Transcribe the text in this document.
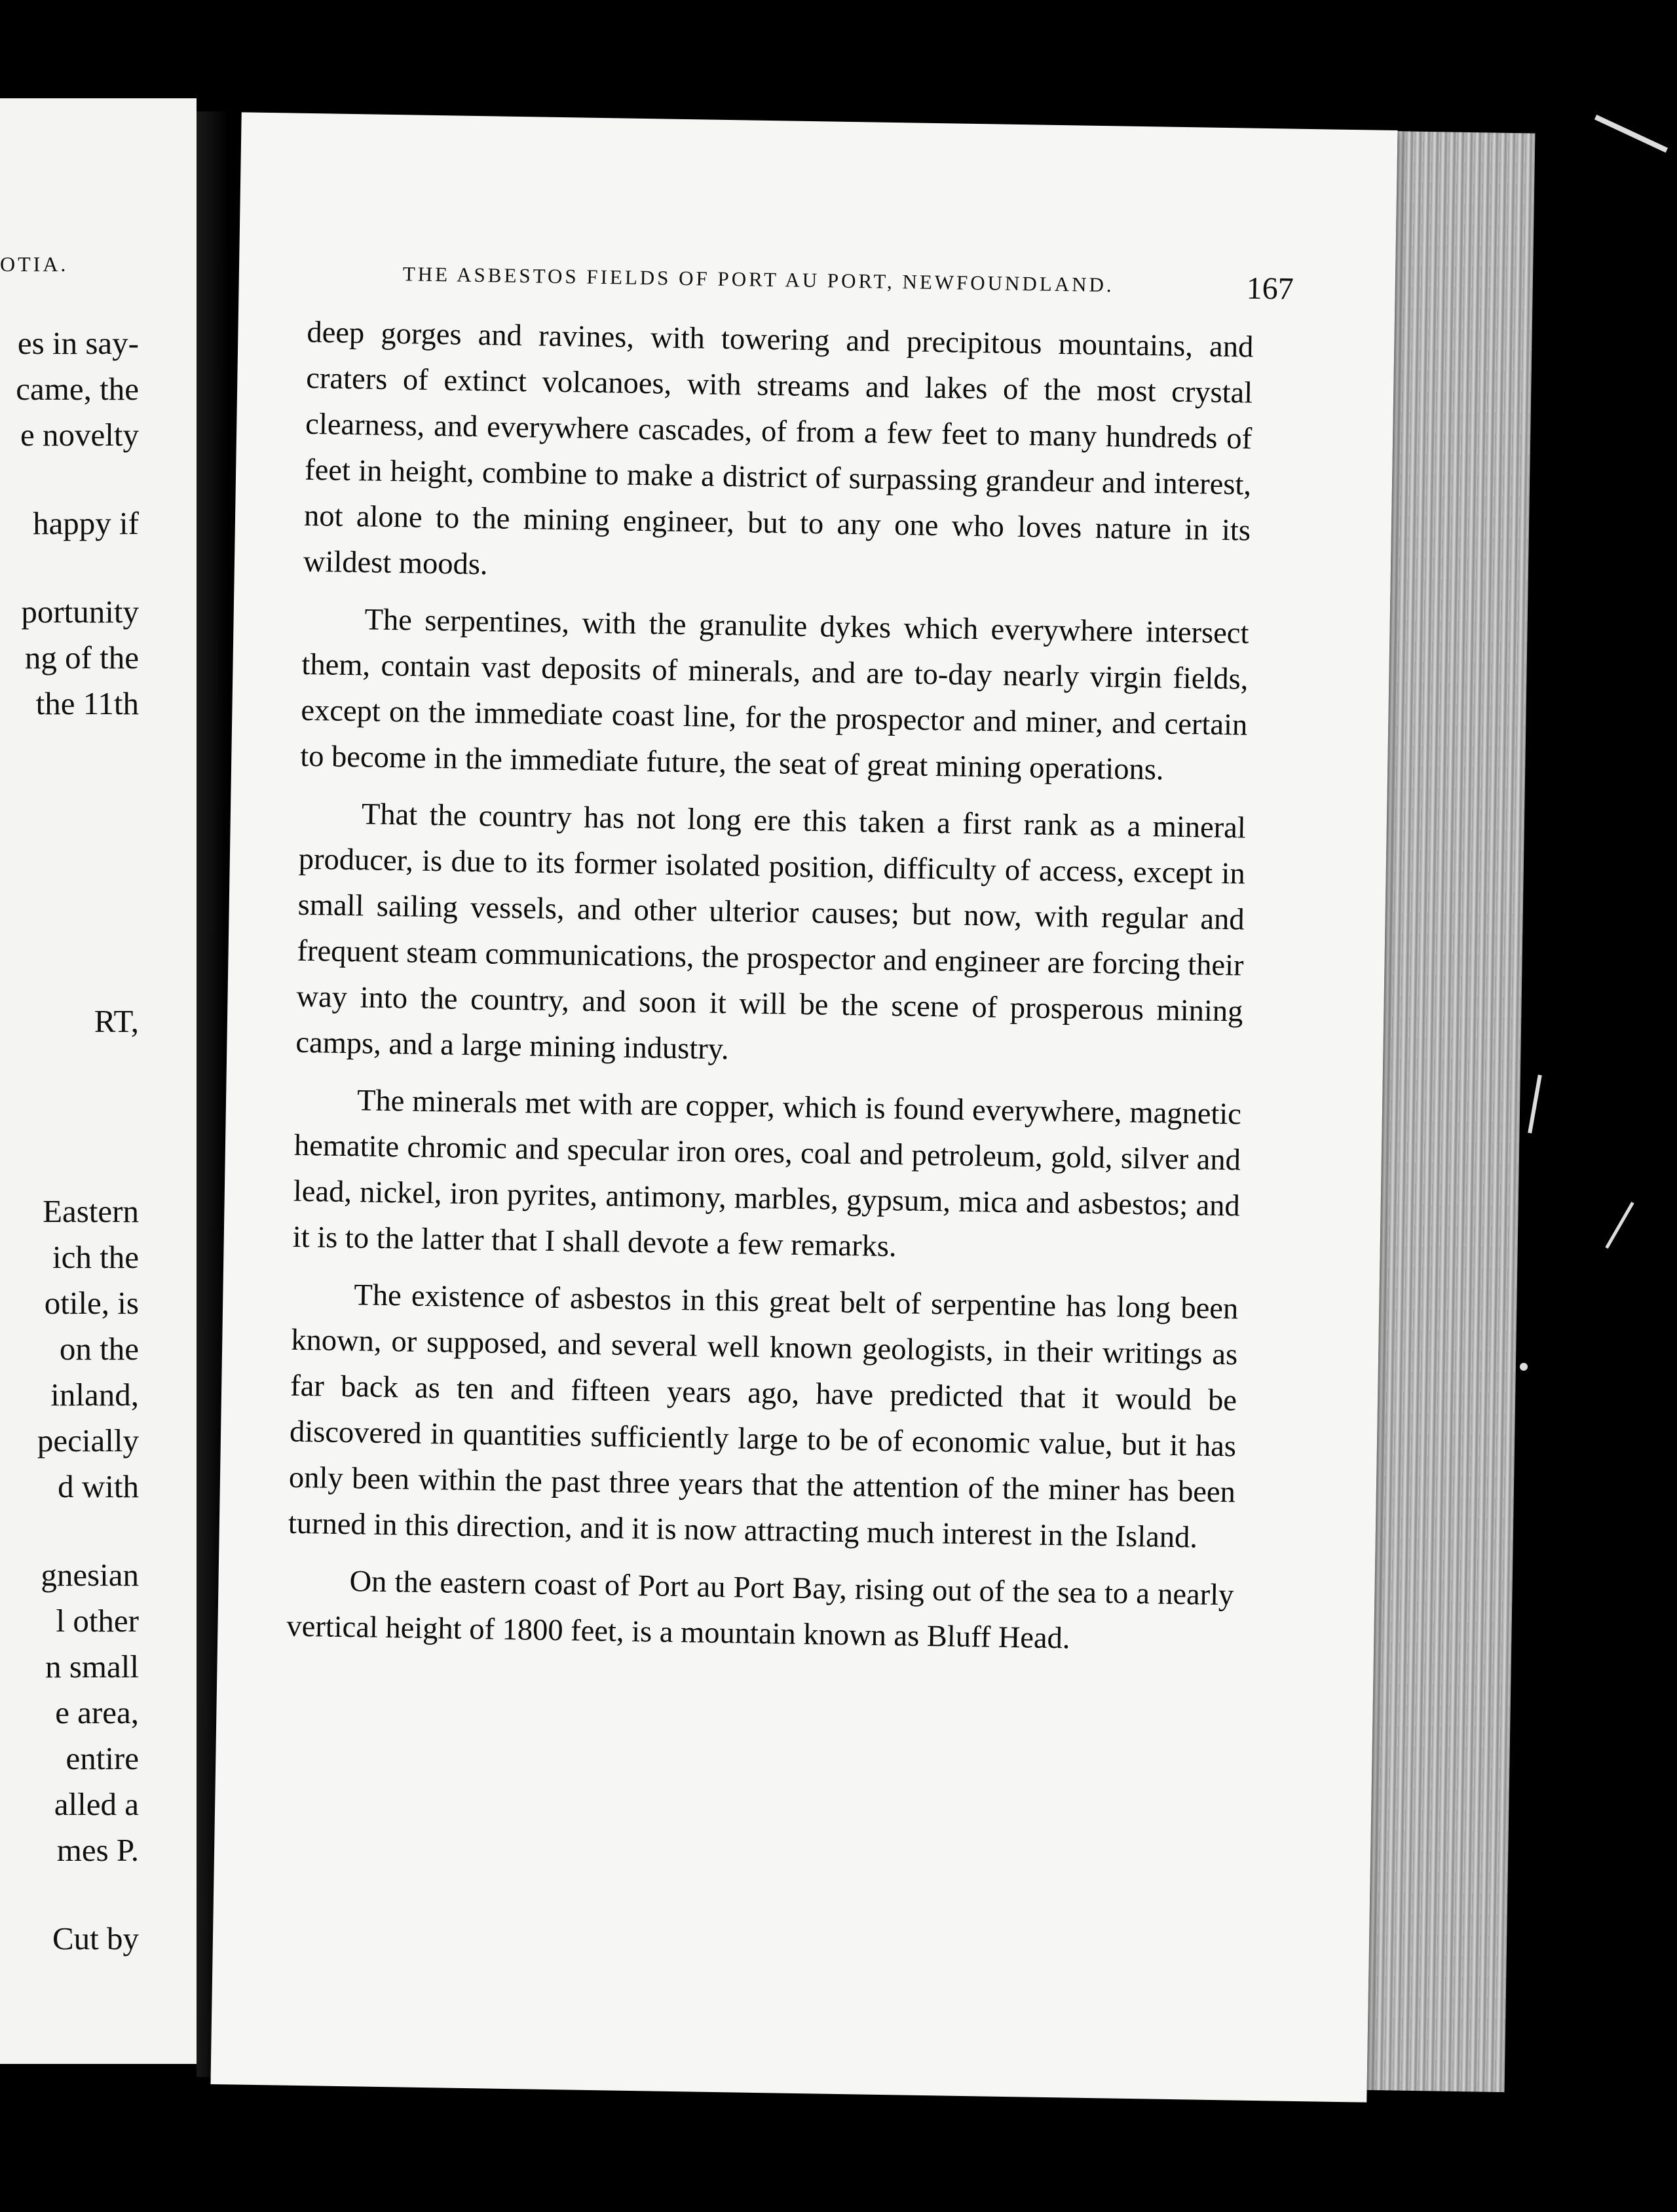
OTIA.
es in say-
came, the
e novelty
happy if
portunity
ng of the
the 11th
RT,
Eastern
ich the
otile, is
on the
inland,
pecially
d with
gnesian
l other
n small
e area,
entire
alled a
mes P.
Cut by
THE ASBESTOS FIELDS OF PORT AU PORT, NEWFOUNDLAND.	167

deep gorges and ravines, with towering and precipitous mountains, and craters of extinct volcanoes, with streams and lakes of the most crystal clearness, and everywhere cascades, of from a few feet to many hundreds of feet in height, combine to make a district of surpassing grandeur and interest, not alone to the mining engineer, but to any one who loves nature in its wildest moods.

The serpentines, with the granulite dykes which everywhere intersect them, contain vast deposits of minerals, and are to-day nearly virgin fields, except on the immediate coast line, for the prospector and miner, and certain to become in the immediate future, the seat of great mining operations.

That the country has not long ere this taken a first rank as a mineral producer, is due to its former isolated position, difficulty of access, except in small sailing vessels, and other ulterior causes; but now, with regular and frequent steam communications, the prospector and engineer are forcing their way into the country, and soon it will be the scene of prosperous mining camps, and a large mining industry.

The minerals met with are copper, which is found everywhere, magnetic hematite chromic and specular iron ores, coal and petroleum, gold, silver and lead, nickel, iron pyrites, antimony, marbles, gypsum, mica and asbestos; and it is to the latter that I shall devote a few remarks.

The existence of asbestos in this great belt of serpentine has long been known, or supposed, and several well known geologists, in their writings as far back as ten and fifteen years ago, have predicted that it would be discovered in quantities sufficiently large to be of economic value, but it has only been within the past three years that the attention of the miner has been turned in this direction, and it is now attracting much interest in the Island.

On the eastern coast of Port au Port Bay, rising out of the sea to a nearly vertical height of 1800 feet, is a mountain known as Bluff Head.
